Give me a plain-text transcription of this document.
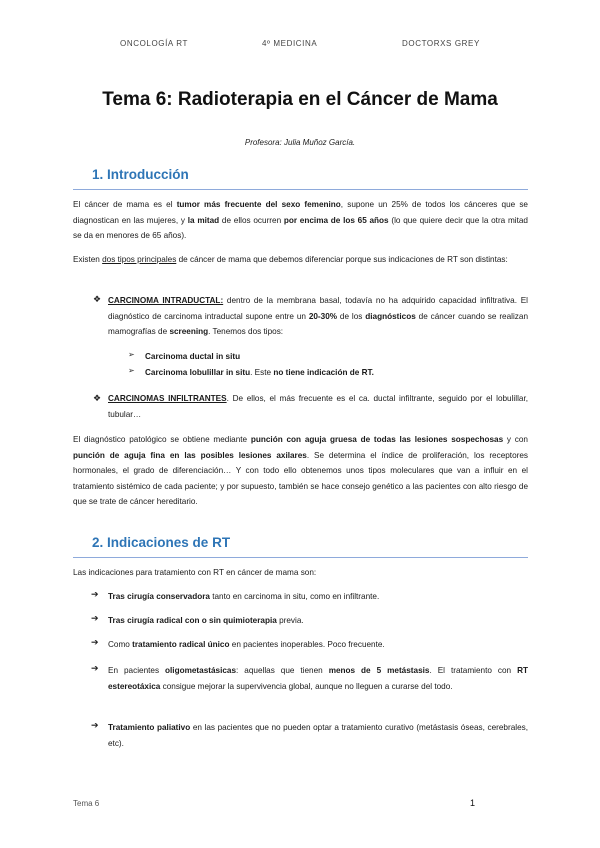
ONCOLOGÍA RT	4º MEDICINA	DOCTORXS GREY
Tema 6: Radioterapia en el Cáncer de Mama
Profesora: Julia Muñoz García.
1. Introducción

El cáncer de mama es el tumor más frecuente del sexo femenino, supone un 25% de todos los cánceres que se diagnostican en las mujeres, y la mitad de ellos ocurren por encima de los 65 años (lo que quiere decir que la otra mitad se da en menores de 65 años).

Existen dos tipos principales de cáncer de mama que debemos diferenciar porque sus indicaciones de RT son distintas:

❖ CARCINOMA INTRADUCTAL: dentro de la membrana basal, todavía no ha adquirido capacidad infiltrativa. El diagnóstico de carcinoma intraductal supone entre un 20-30% de los diagnósticos de cáncer cuando se realizan mamografías de screening. Tenemos dos tipos:

➢ Carcinoma ductal in situ

➢ Carcinoma lobulillar in situ. Este no tiene indicación de RT.

❖ CARCINOMAS INFILTRANTES. De ellos, el más frecuente es el ca. ductal infiltrante, seguido por el lobulillar, tubular…

El diagnóstico patológico se obtiene mediante punción con aguja gruesa de todas las lesiones sospechosas y con punción de aguja fina en las posibles lesiones axilares. Se determina el índice de proliferación, los receptores hormonales, el grado de diferenciación… Y con todo ello obtenemos unos tipos moleculares que van a influir en el tratamiento sistémico de cada paciente; y por supuesto, también se hace consejo genético a las pacientes con alto riesgo de que se trate de cáncer hereditario.

2. Indicaciones de RT

Las indicaciones para tratamiento con RT en cáncer de mama son:

➔ Tras cirugía conservadora tanto en carcinoma in situ, como en infiltrante.

➔ Tras cirugía radical con o sin quimioterapia previa.

➔ Como tratamiento radical único en pacientes inoperables. Poco frecuente.

➔ En pacientes oligometastásicas: aquellas que tienen menos de 5 metástasis. El tratamiento con RT estereotáxica consigue mejorar la supervivencia global, aunque no lleguen a curarse del todo.

➔ Tratamiento paliativo en las pacientes que no pueden optar a tratamiento curativo (metástasis óseas, cerebrales, etc).

Tema 6	1
